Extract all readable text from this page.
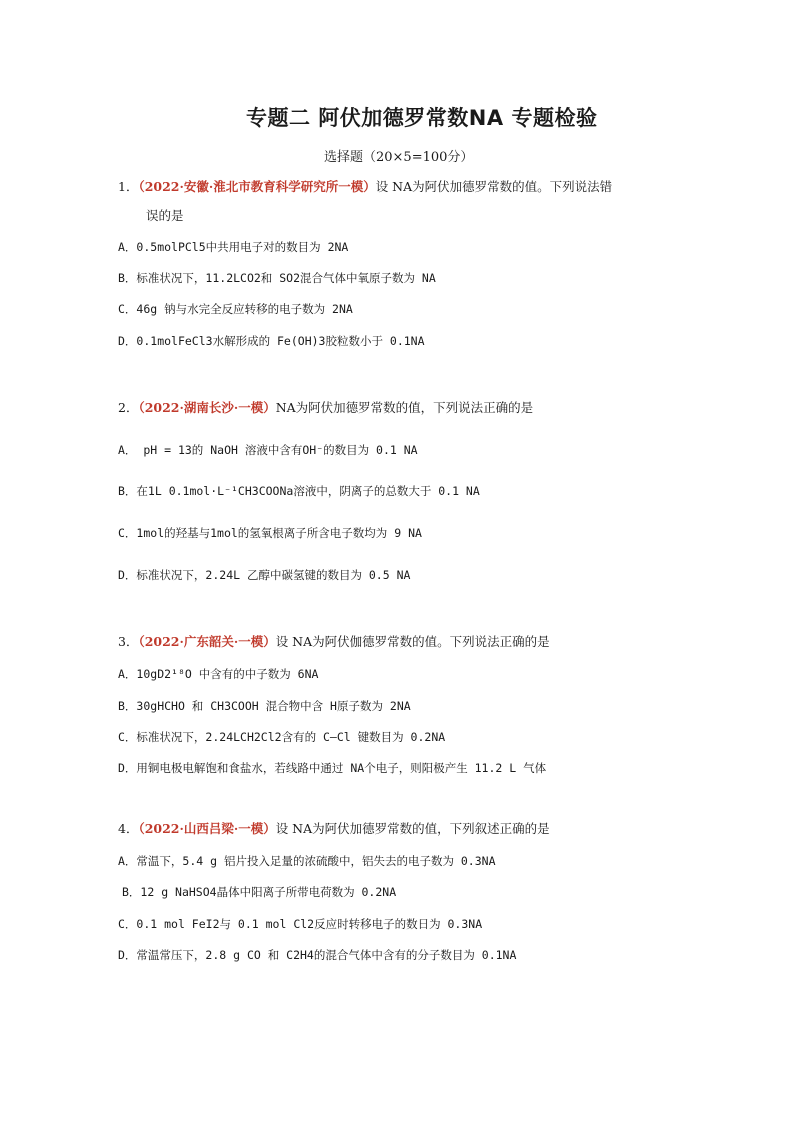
专题二 阿伏加德罗常数NA 专题检验
选择题（20×5=100分）
1．（2022·安徽·淮北市教育科学研究所一模）设 NA为阿伏加德罗常数的值。下列说法错
误的是
A．0.5molPCl5中共用电子对的数目为 2NA
B．标准状况下，11.2LCO2和 SO2混合气体中氧原子数为 NA
C．46g 钠与水完全反应转移的电子数为 2NA
D．0.1molFeCl3水解形成的 Fe(OH)3胶粒数小于 0.1NA
2．（2022·湖南长沙·一模）NA为阿伏加德罗常数的值，下列说法正确的是
A． pH = 13的 NaOH 溶液中含有OH⁻的数目为 0.1 NA
B．在1L 0.1mol·L⁻¹CH3COONa溶液中，阴离子的总数大于 0.1 NA
C．1mol的羟基与1mol的氢氧根离子所含电子数均为 9 NA
D．标准状况下，2.24L 乙醇中碳氢键的数目为 0.5 NA
3．（2022·广东韶关·一模）设 NA为阿伏伽德罗常数的值。下列说法正确的是
A．10gD2¹⁸O 中含有的中子数为 6NA
B．30gHCHO 和 CH3COOH 混合物中含 H原子数为 2NA
C．标准状况下，2.24LCH2Cl2含有的 C—Cl 键数目为 0.2NA
D．用铜电极电解饱和食盐水，若线路中通过 NA个电子，则阳极产生 11.2 L 气体
4．（2022·山西吕梁·一模）设 NA为阿伏加德罗常数的值，下列叙述正确的是
A．常温下，5.4 g 铝片投入足量的浓硫酸中，铝失去的电子数为 0.3NA
B．12 g NaHSO4晶体中阳离子所带电荷数为 0.2NA
C．0.1 mol FeI2与 0.1 mol Cl2反应时转移电子的数日为 0.3NA
D．常温常压下，2.8 g CO 和 C2H4的混合气体中含有的分子数目为 0.1NA
